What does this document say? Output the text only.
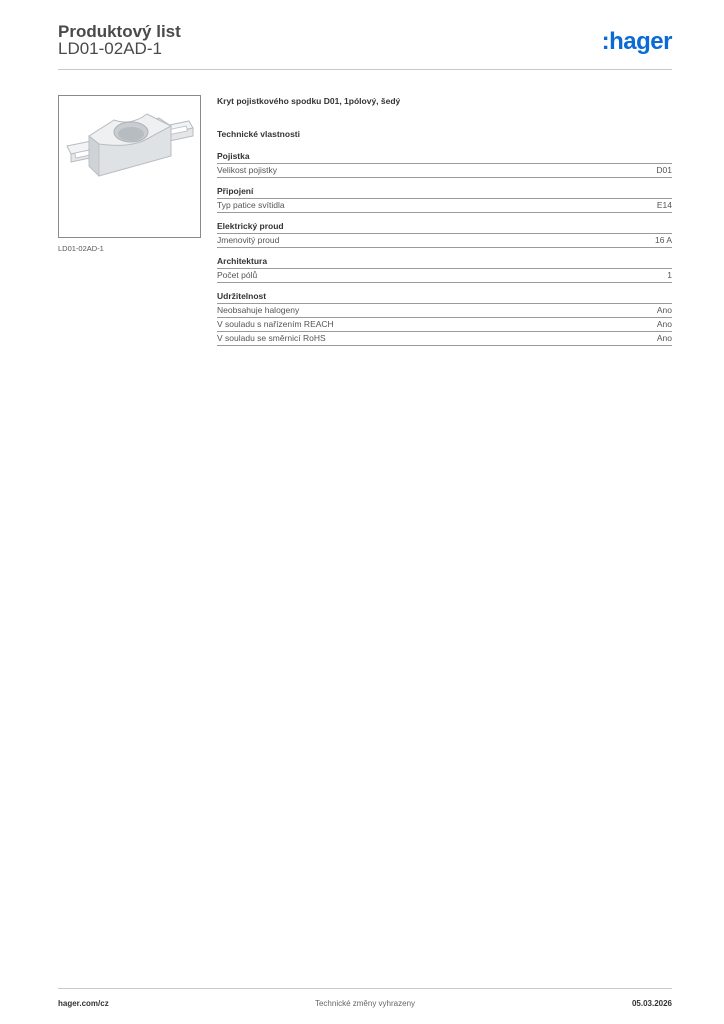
Produktový list
LD01-02AD-1	:hager
LD01-02AD-1
Kryt pojistkového spodku D01, 1pólový, šedý
Technické vlastnosti
Pojistka
Velikost pojistky	D01
Připojení
Typ patice svítidla	E14
Elektrický proud
Jmenovitý proud	16 A
Architektura
Počet pólů	1
Udržitelnost
Neobsahuje halogeny	Ano
V souladu s nařízením REACH	Ano
V souladu se směrnicí RoHS	Ano
Technické změny vyhrazeny
hager.com/cz	05.03.2026
